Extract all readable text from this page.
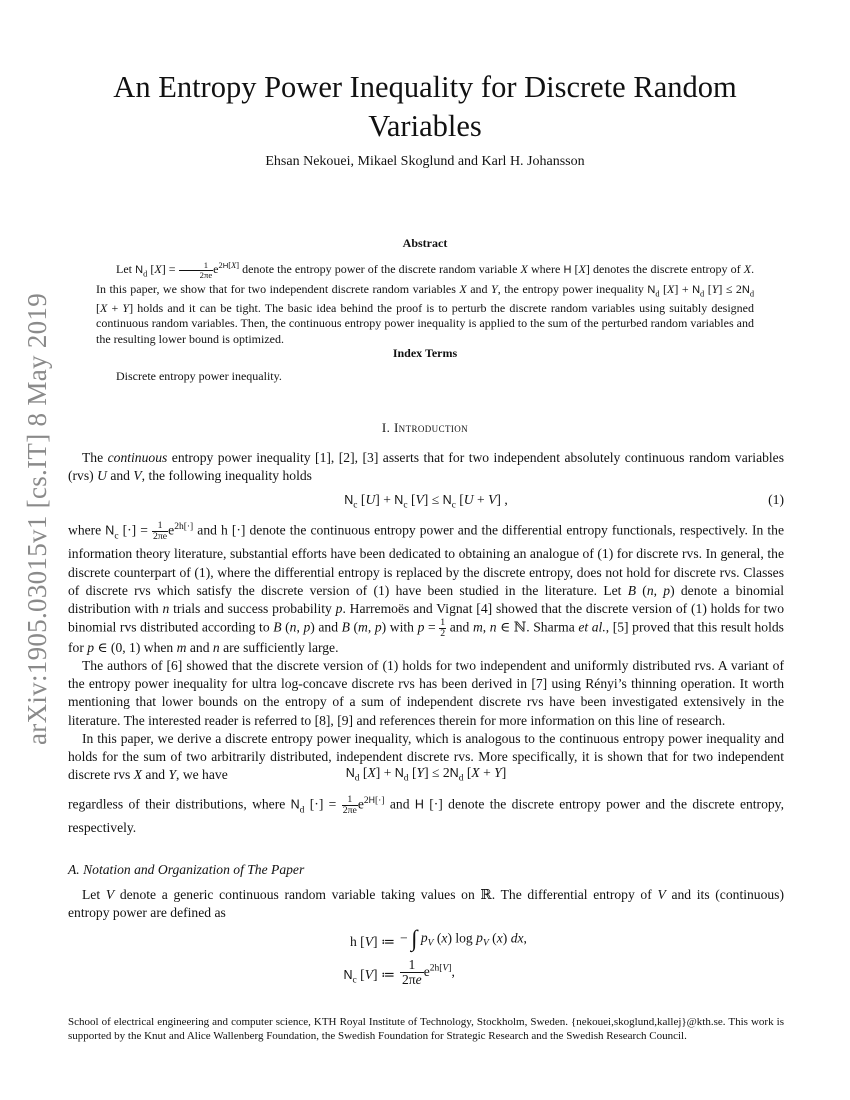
arXiv:1905.03015v1 [cs.IT] 8 May 2019
An Entropy Power Inequality for Discrete Random Variables
Ehsan Nekouei, Mikael Skoglund and Karl H. Johansson
Abstract

Let $N_d$ $[X] = \frac{1}{2\pi e} e^{2H[X]}$ denote the entropy power of the discrete random variable X where H [X] denotes the discrete entropy of X. In this paper, we show that for two independent discrete random variables X and Y, the entropy power inequality $N_d$ $[X] + N_d$ $[Y] \le 2N_d$ [X + Y] holds and it can be tight. The basic idea behind the proof is to perturb the discrete random variables using suitably designed continuous random variables. Then, the continuous entropy power inequality is applied to the sum of the perturbed random variables and the resulting lower bound is optimized.

Index Terms
Discrete entropy power inequality.
I. Introduction

The continuous entropy power inequality [1], [2], [3] asserts that for two independent absolutely continuous random variables (rvs) U and V, the following inequality holds

$N_c$ $[U] + N_c$ $[V] \le N_c$ [U + V] ,	(1)

where $N_c$ [·] = $\frac{1}{2\pi e} e^{2h[\cdot]}$ and h [·] denote the continuous entropy power and the differential entropy functionals, respectively. In the information theory literature, substantial efforts have been dedicated to obtaining an analogue of (1) for discrete rvs. In general, the discrete counterpart of (1), where the differential entropy is replaced by the discrete entropy, does not hold for discrete rvs. Classes of discrete rvs which satisfy the discrete version of (1) have been studied in the literature. Let B (n, p) denote a binomial distribution with n trials and success probability p. Harremoës and Vignat [4] showed that the discrete version of (1) holds for two binomial rvs distributed according to B (n, p) and B (m, p) with $p = \frac{1}{2}$ and m, n ∈ ℕ. Sharma et al., [5] proved that this result holds for p ∈ (0, 1) when m and n are sufficiently large.

The authors of [6] showed that the discrete version of (1) holds for two independent and uniformly distributed rvs. A variant of the entropy power inequality for ultra log-concave discrete rvs has been derived in [7] using Rényi’s thinning operation. It worth mentioning that lower bounds on the entropy of a sum of independent discrete rvs have been investigated extensively in the literature. The interested reader is referred to [8], [9] and references therein for more information on this line of research.

In this paper, we derive a discrete entropy power inequality, which is analogous to the continuous entropy power inequality and holds for the sum of two arbitrarily distributed, independent discrete rvs. More specifically, it is shown that for two independent discrete rvs X and Y, we have	$N_d$ $[X] + N_d$ $[Y] \le 2N_d$ [X + Y]

regardless of their distributions, where $N_d$ [·] = $\frac{1}{2\pi e} e^{2H[\cdot]}$ and H [·] denote the discrete entropy power and the discrete entropy, respectively.

A. Notation and Organization of The Paper

Let V denote a generic continuous random variable taking values on ℝ. The differential entropy of V and its (continuous) entropy power are defined as

h [V] ≔ − ∫ $p_V$ (x) $\log p_V$ (x) dx,
$N_c$ [V] ≔ $\frac{1}{2\pi e} e^{2h[V]}$,

School of electrical engineering and computer science, KTH Royal Institute of Technology, Stockholm, Sweden. {nekouei,skoglund,kallej}@kth.se. This work is supported by the Knut and Alice Wallenberg Foundation, the Swedish Foundation for Strategic Research and the Swedish Research Council.
